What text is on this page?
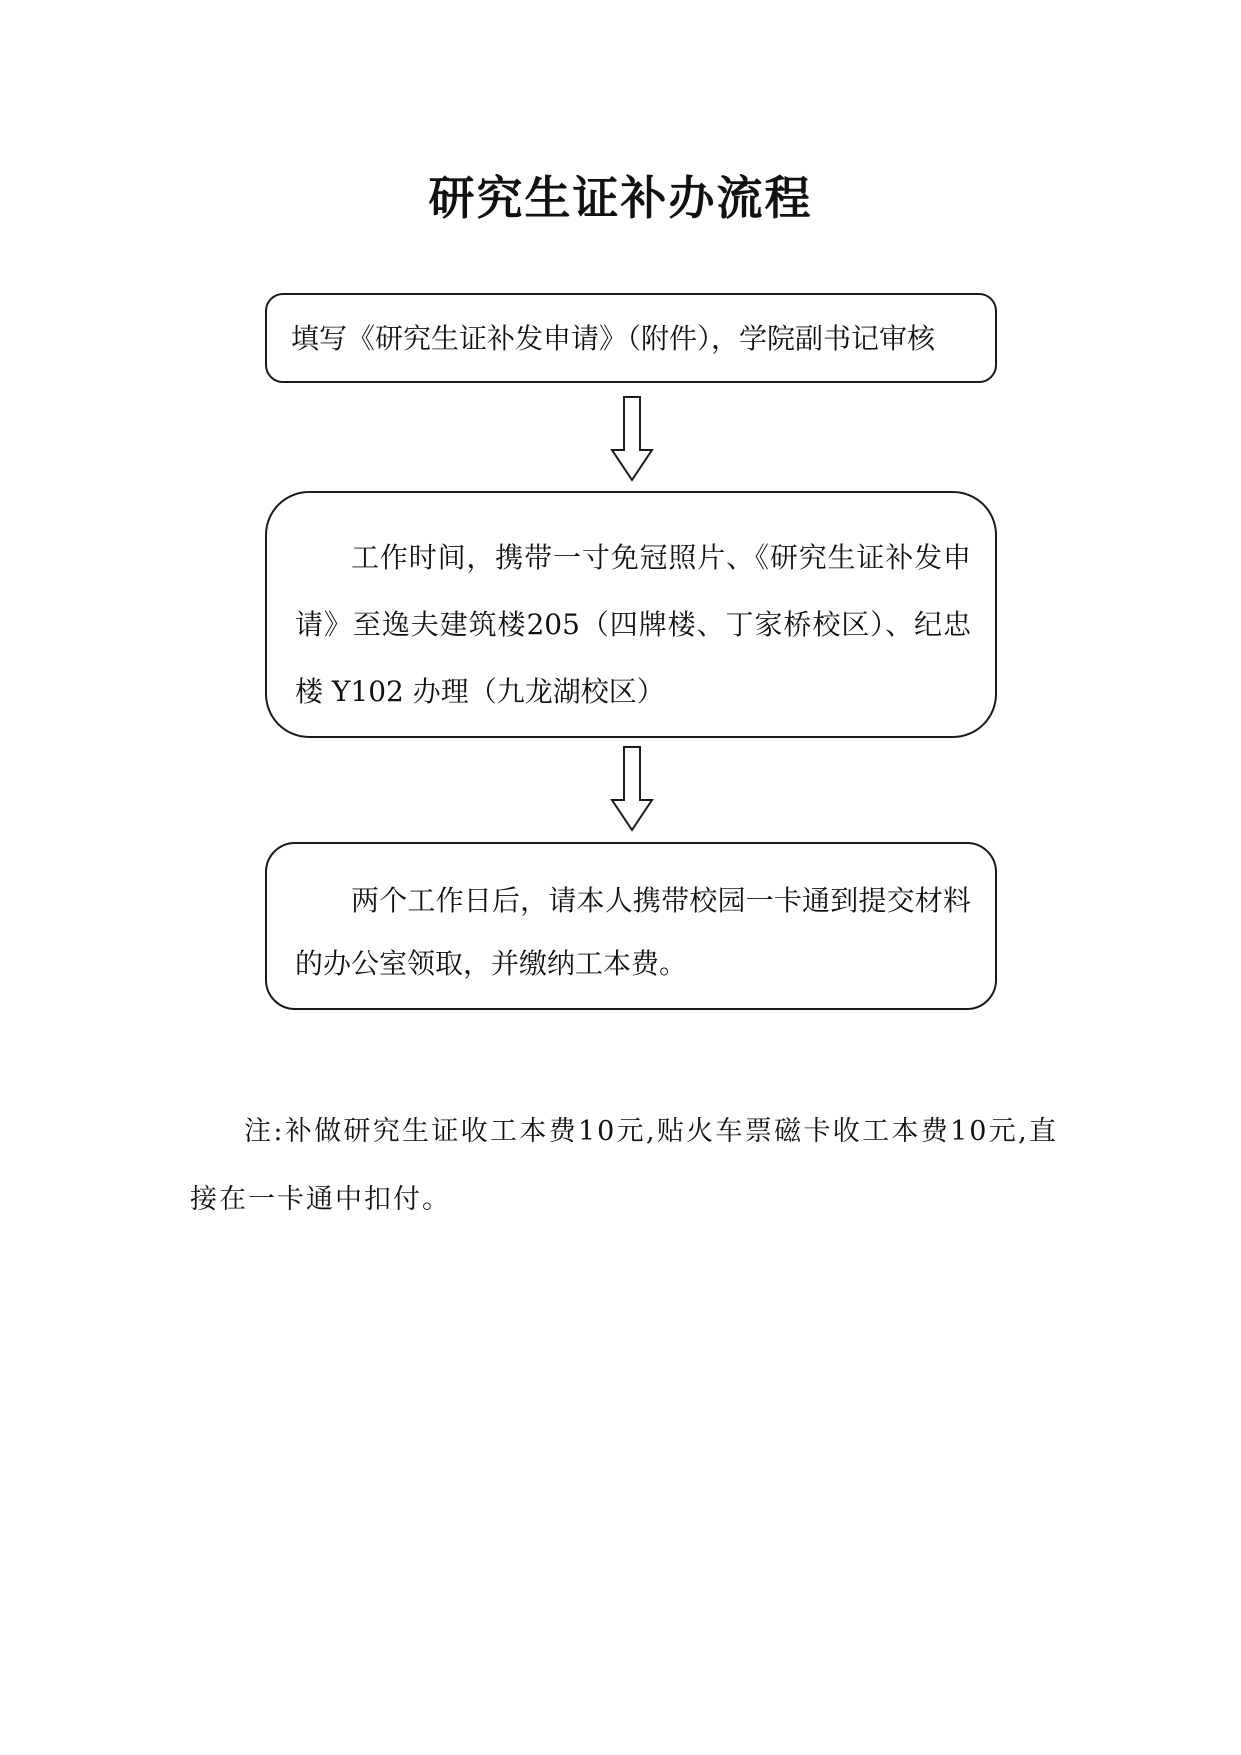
研究生证补办流程
填写《研究生证补发申请》（附件），学院副书记审核
工作时间，携带一寸免冠照片、《研究生证补发申请》至逸夫建筑楼205（四牌楼、丁家桥校区）、纪忠楼 Y102 办理（九龙湖校区）
两个工作日后，请本人携带校园一卡通到提交材料的办公室领取，并缴纳工本费。
注:补做研究生证收工本费10元,贴火车票磁卡收工本费10元,直接在一卡通中扣付。
